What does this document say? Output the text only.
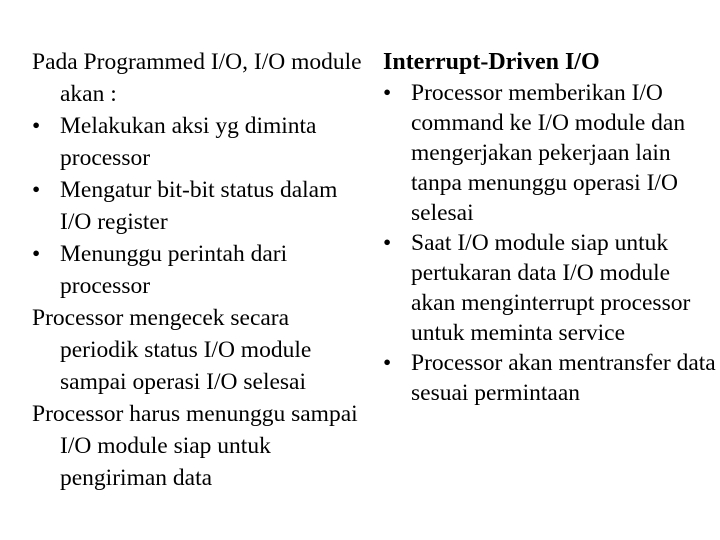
Pada Programmed I/O, I/O module akan :

• Melakukan aksi yg diminta processor
• Mengatur bit-bit status dalam I/O register
• Menunggu perintah dari processor

Processor mengecek secara periodik status I/O module sampai operasi I/O selesai

Processor harus menunggu sampai I/O module siap untuk pengiriman data

Interrupt-Driven I/O

• Processor memberikan I/O command ke I/O module dan mengerjakan pekerjaan lain tanpa menunggu operasi I/O selesai
• Saat I/O module siap untuk pertukaran data I/O module akan menginterrupt processor untuk meminta service
• Processor akan mentransfer data sesuai permintaan
